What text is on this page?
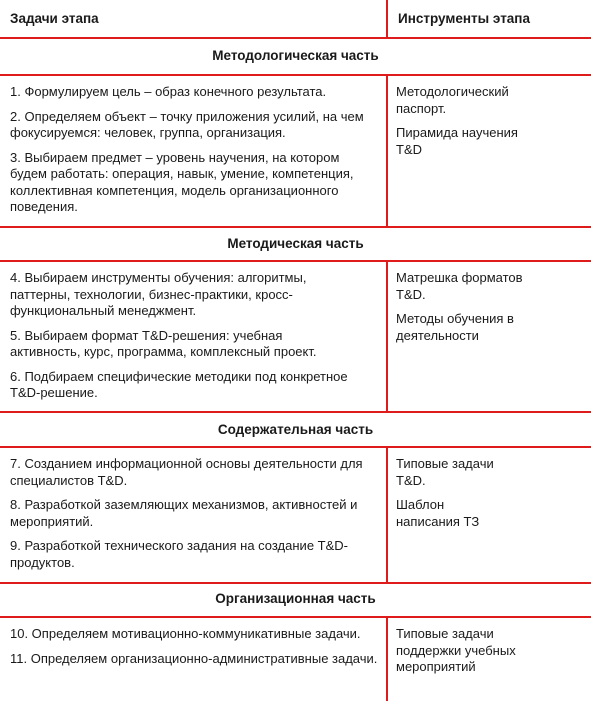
Задачи этапа	Инструменты этапа
Методологическая часть

1. Формулируем цель – образ конечного результата.

2. Определяем объект – точку приложения усилий, на чем фокусируемся: человек, группа, организация.

3. Выбираем предмет – уровень научения, на котором будем работать: операция, навык, умение, компетенция, коллективная компетенция, модель организационного поведения.

Методологический паспорт.

Пирамида научения T&D

Методическая часть

4. Выбираем инструменты обучения: алгоритмы, паттерны, технологии, бизнес-практики, кросс-функциональный менеджмент.

5. Выбираем формат T&D-решения: учебная активность, курс, программа, комплексный проект.

6. Подбираем специфические методики под конкретное T&D-решение.

Матрешка форматов T&D.

Методы обучения в деятельности

Содержательная часть

7. Созданием информационной основы деятельности для специалистов T&D.

8. Разработкой заземляющих механизмов, активностей и мероприятий.

9. Разработкой технического задания на создание T&D-продуктов.

Типовые задачи T&D.

Шаблон написания ТЗ

Организационная часть

10. Определяем мотивационно-коммуникативные задачи.

11. Определяем организационно-административные задачи.

Типовые задачи поддержки учебных мероприятий
